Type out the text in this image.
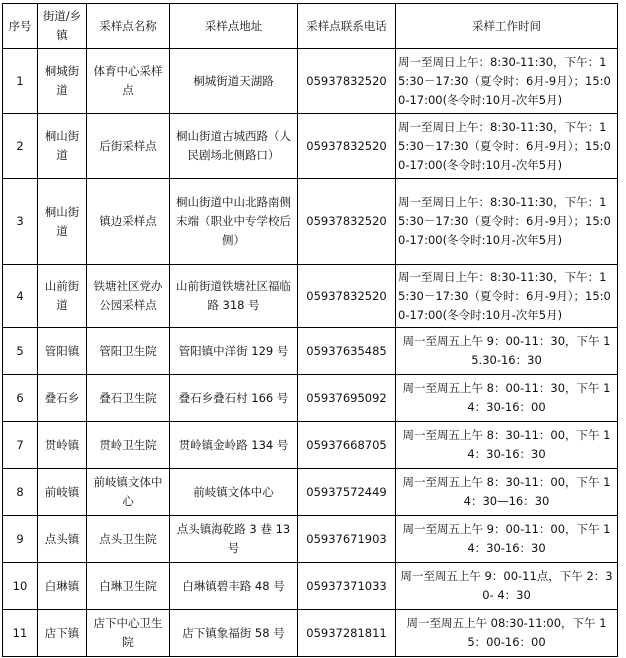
序号	街道/乡镇	采样点名称	采样点地址	采样点联系电话	采样工作时间
1	桐城街道	体育中心采样点	桐城街道天湖路	05937832520	周一至周日上午：8:30-11:30，下午：15:30－17:30（夏令时：6月-9月）；15:00-17:00(冬令时:10月-次年5月)
2	桐山街道	后街采样点	桐山街道古城西路（人民剧场北侧路口）	05937832520	周一至周日上午：8:30-11:30，下午：15:30－17:30（夏令时：6月-9月）；15:00-17:00(冬令时:10月-次年5月)
3	桐山街道	镇边采样点	桐山街道中山北路南侧末端（职业中专学校后侧）	05937832520	周一至周日上午：8:30-11:30，下午：15:30－17:30（夏令时：6月-9月）；15:00-17:00(冬令时:10月-次年5月)
4	山前街道	铁塘社区党办公园采样点	山前街道铁塘社区福临路 318 号	05937832520	周一至周日上午：8:30-11:30，下午：15:30－17:30（夏令时：6月-9月）；15:00-17:00(冬令时:10月-次年5月)
5	管阳镇	管阳卫生院	管阳镇中洋街 129 号	05937635485	周一至周五上午 9：00-11：30，下午 15.30-16：30
6	叠石乡	叠石卫生院	叠石乡叠石村 166 号	05937695092	周一至周五上午 8：00-11：30，下午 14：30-16：00
7	贯岭镇	贯岭卫生院	贯岭镇金岭路 134 号	05937668705	周一至周五上午 8：30-11：00，下午 14：30-16：30
8	前岐镇	前岐镇文体中心	前岐镇文体中心	05937572449	周一至周五上午 8：30-11：00，下午 14：30—16：30
9	点头镇	点头卫生院	点头镇海乾路 3 巷 13 号	05937671903	周一至周五上午 9：00-11：00，下午 14：30-16：30
10	白琳镇	白琳卫生院	白琳镇碧丰路 48 号	05937371033	周一至周五上午 9：00-11点，下午 2：30- 4：30
11	店下镇	店下中心卫生院	店下镇象福街 58 号	05937281811	周一至周五上午 08:30-11:00，下午 15：00-16：00
